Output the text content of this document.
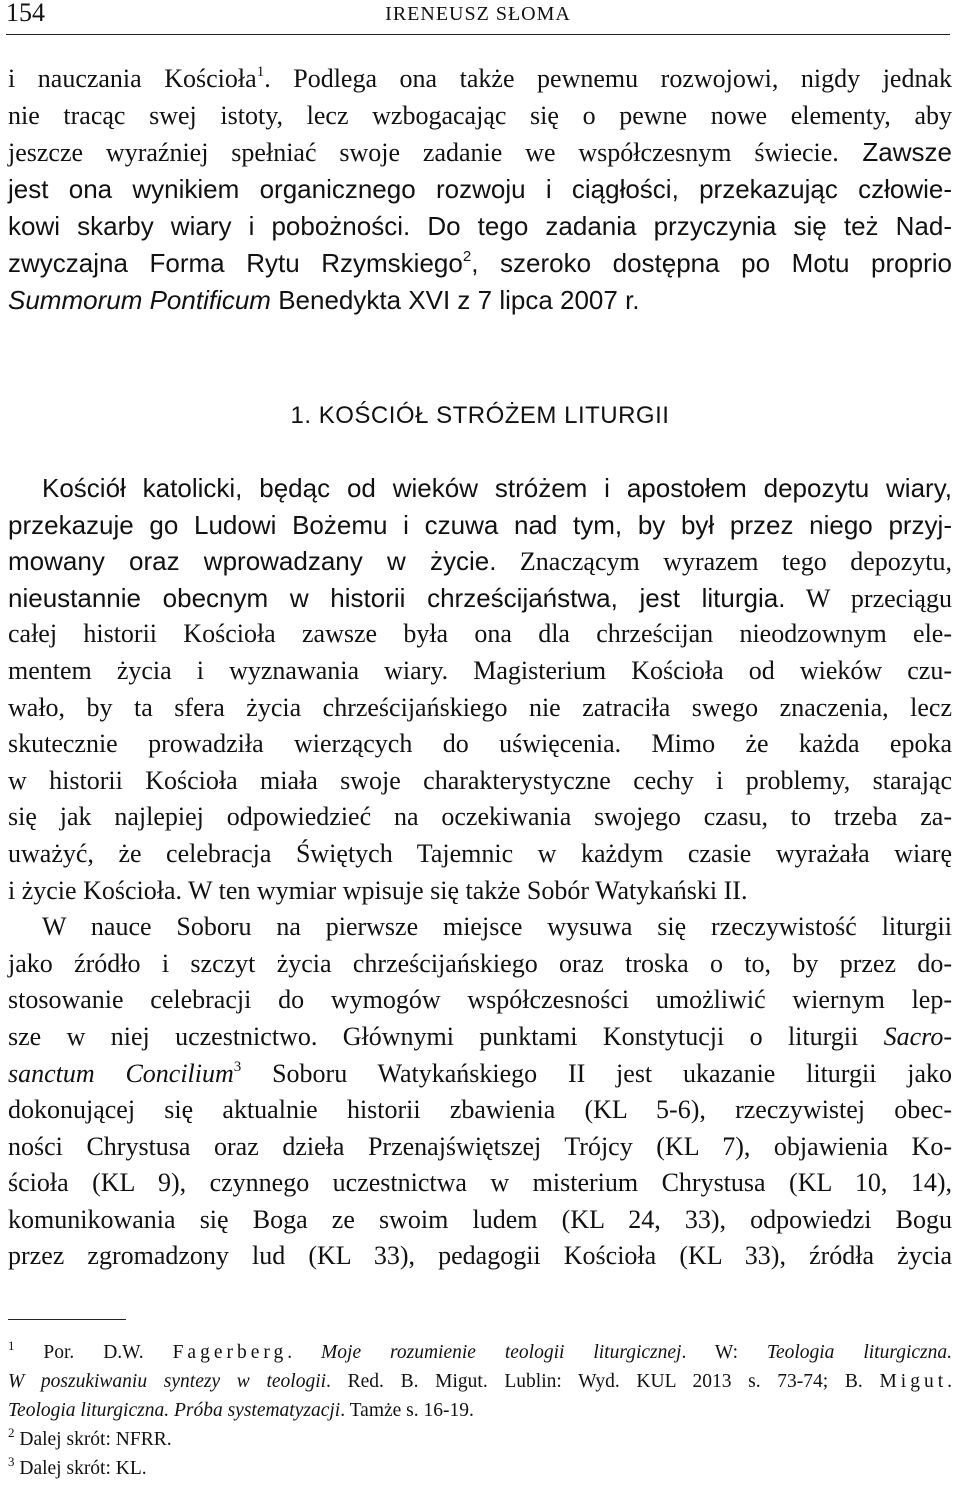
154	IRENEUSZ SŁOMA
i nauczania Kościoła$^1$. Podlega ona także pewnemu rozwojowi, nigdy jednak
nie tracąc swej istoty, lecz wzbogacając się o pewne nowe elementy, aby
jeszcze wyraźniej spełniać swoje zadanie we współczesnym świecie. Zawsze
jest ona wynikiem organicznego rozwoju i ciągłości, przekazując człowie-
kowi skarby wiary i pobożności. Do tego zadania przyczynia się też Nad-
zwyczajna Forma Rytu Rzymskiego$^2$, szeroko dostępna po Motu proprio
Summorum Pontificum Benedykta XVI z 7 lipca 2007 r.
1. KOŚCIÓŁ STRÓŻEM LITURGII
Kościół katolicki, będąc od wieków stróżem i apostołem depozytu wiary,
przekazuje go Ludowi Bożemu i czuwa nad tym, by był przez niego przyj-
mowany oraz wprowadzany w życie. Znaczącym wyrazem tego depozytu,
nieustannie obecnym w historii chrześcijaństwa, jest liturgia. W przeciągu
całej historii Kościoła zawsze była ona dla chrześcijan nieodzownym ele-
mentem życia i wyznawania wiary. Magisterium Kościoła od wieków czu-
wało, by ta sfera życia chrześcijańskiego nie zatraciła swego znaczenia, lecz
skutecznie prowadziła wierzących do uświęcenia. Mimo że każda epoka
w historii Kościoła miała swoje charakterystyczne cechy i problemy, starając
się jak najlepiej odpowiedzieć na oczekiwania swojego czasu, to trzeba za-
uważyć, że celebracja Świętych Tajemnic w każdym czasie wyrażała wiarę
i życie Kościoła. W ten wymiar wpisuje się także Sobór Watykański II.
W nauce Soboru na pierwsze miejsce wysuwa się rzeczywistość liturgii
jako źródło i szczyt życia chrześcijańskiego oraz troska o to, by przez do-
stosowanie celebracji do wymogów współczesności umożliwić wiernym lep-
sze w niej uczestnictwo. Głównymi punktami Konstytucji o liturgii Sacro-
sanctum Concilium$^3$ Soboru Watykańskiego II jest ukazanie liturgii jako
dokonującej się aktualnie historii zbawienia (KL 5-6), rzeczywistej obec-
ności Chrystusa oraz dzieła Przenajświętszej Trójcy (KL 7), objawienia Ko-
ścioła (KL 9), czynnego uczestnictwa w misterium Chrystusa (KL 10, 14),
komunikowania się Boga ze swoim ludem (KL 24, 33), odpowiedzi Bogu
przez zgromadzony lud (KL 33), pedagogii Kościoła (KL 33), źródła życia
$^1$ Por. D.W. Fagerberg. Moje rozumienie teologii liturgicznej. W: Teologia liturgiczna.
W poszukiwaniu syntezy w teologii. Red. B. Migut. Lublin: Wyd. KUL 2013 s. 73-74; B. Migut.
Teologia liturgiczna. Próba systematyzacji. Tamże s. 16-19.
$^2$ Dalej skrót: NFRR.
$^3$ Dalej skrót: KL.
